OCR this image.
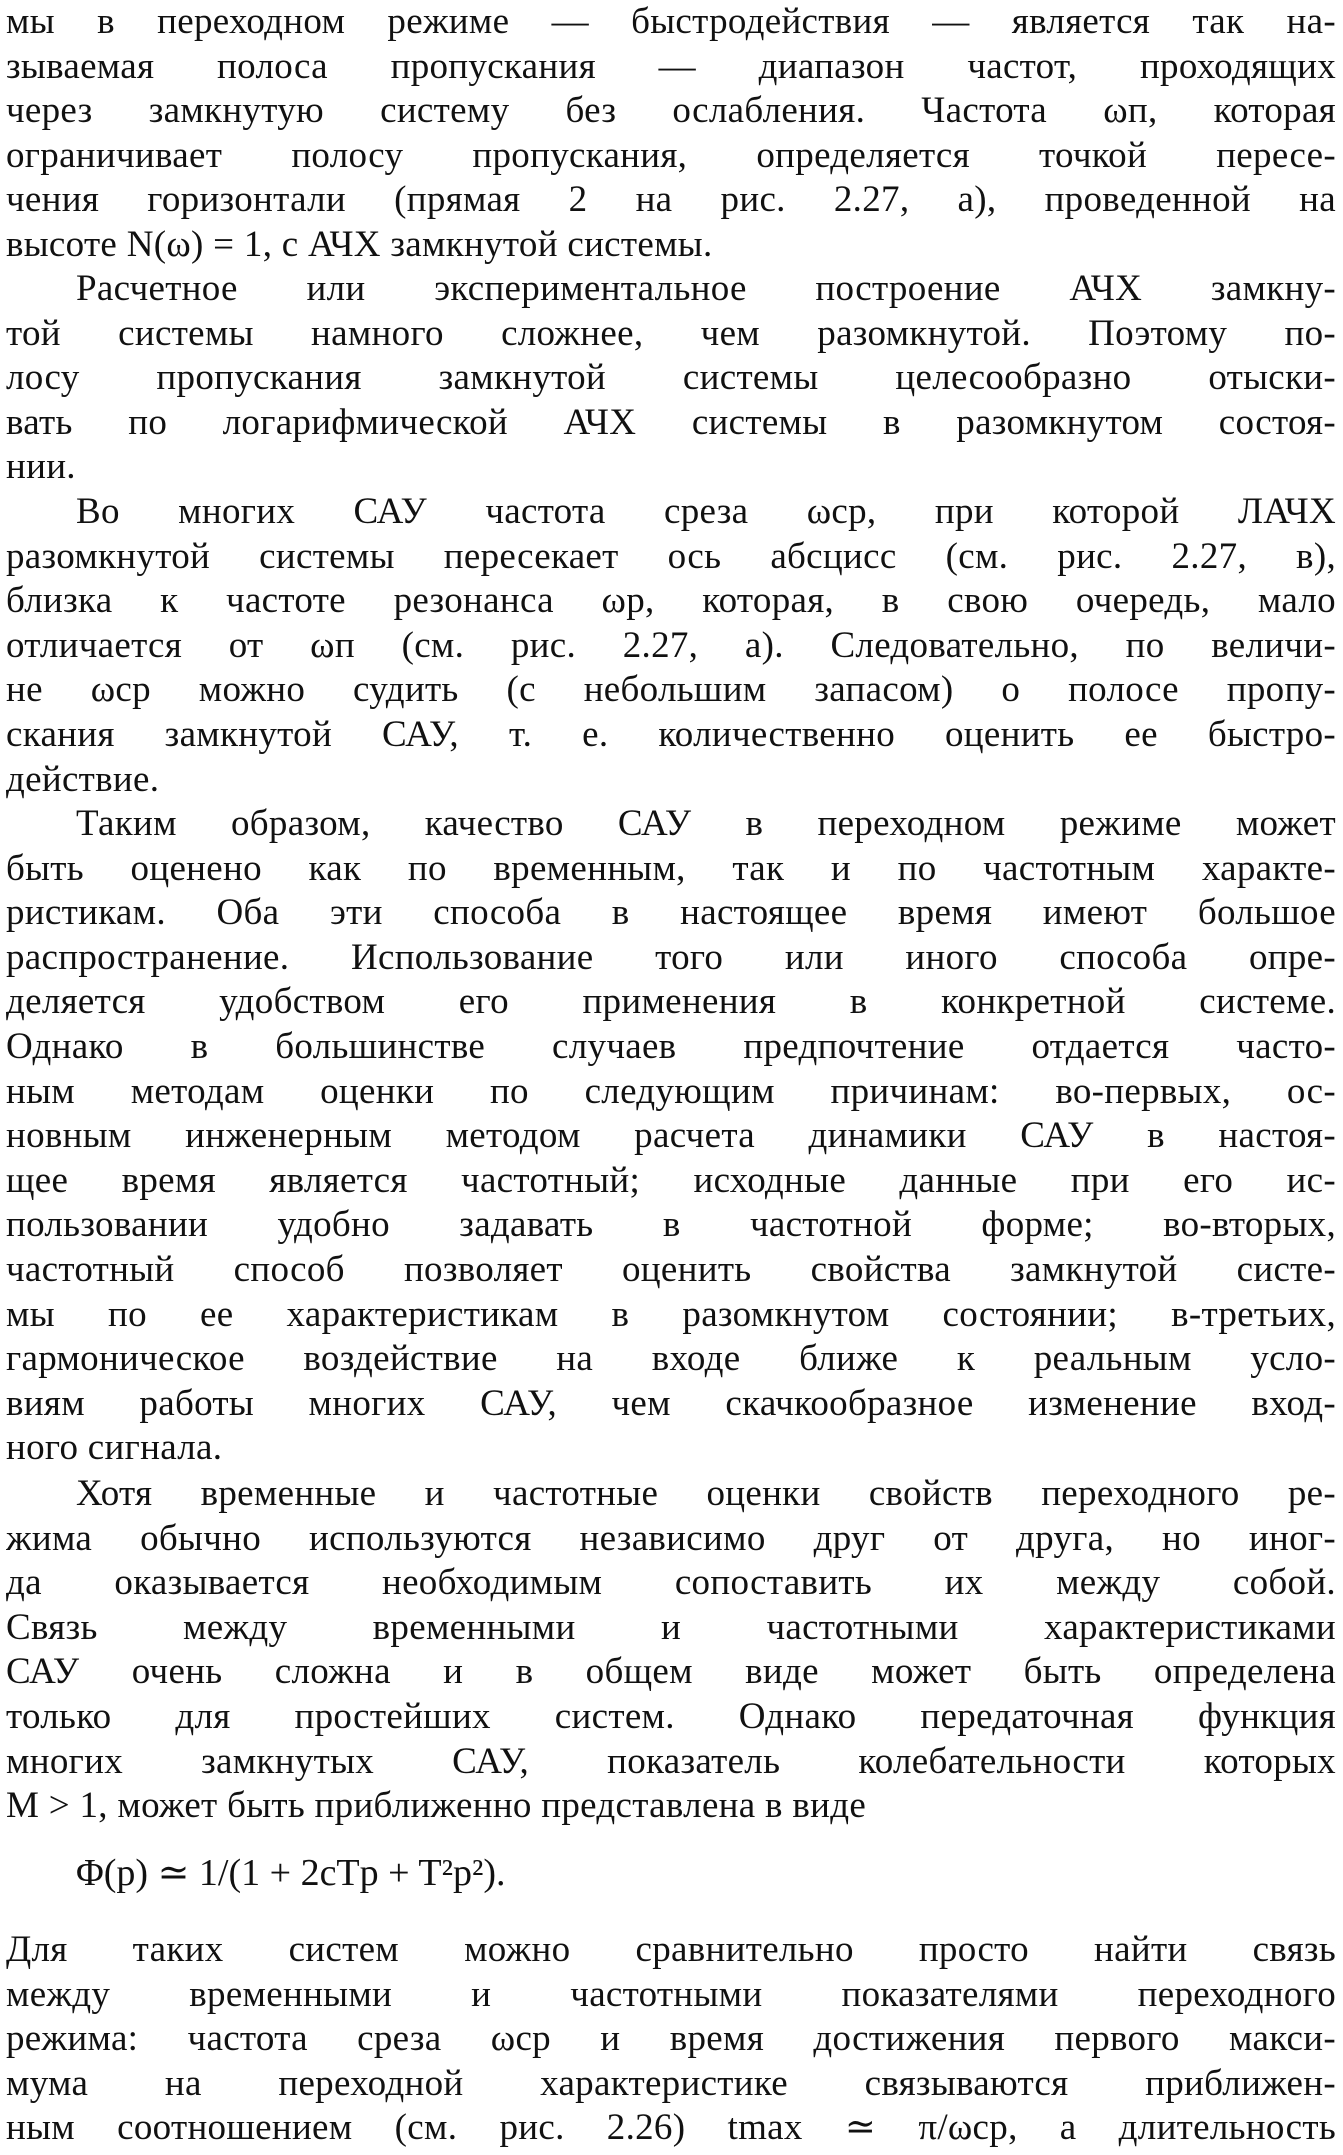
мы в переходном режиме — быстродействия — является так на-
зываемая полоса пропускания — диапазон частот, проходящих
через замкнутую систему без ослабления. Частота ωп, которая
ограничивает полосу пропускания, определяется точкой пересе-
чения горизонтали (прямая 2 на рис. 2.27, а), проведенной на
высоте N(ω) = 1, с АЧХ замкнутой системы.
Расчетное или экспериментальное построение АЧХ замкну-
той системы намного сложнее, чем разомкнутой. Поэтому по-
лосу пропускания замкнутой системы целесообразно отыски-
вать по логарифмической АЧХ системы в разомкнутом состоя-
нии.
Во многих САУ частота среза ωср, при которой ЛАЧХ
разомкнутой системы пересекает ось абсцисс (см. рис. 2.27, в),
близка к частоте резонанса ωр, которая, в свою очередь, мало
отличается от ωп (см. рис. 2.27, а). Следовательно, по величи-
не ωср можно судить (с небольшим запасом) о полосе пропу-
скания замкнутой САУ, т. е. количественно оценить ее быстро-
действие.
Таким образом, качество САУ в переходном режиме может
быть оценено как по временным, так и по частотным характе-
ристикам. Оба эти способа в настоящее время имеют большое
распространение. Использование того или иного способа опре-
деляется удобством его применения в конкретной системе.
Однако в большинстве случаев предпочтение отдается часто-
ным методам оценки по следующим причинам: во-первых, ос-
новным инженерным методом расчета динамики САУ в настоя-
щее время является частотный; исходные данные при его ис-
пользовании удобно задавать в частотной форме; во-вторых,
частотный способ позволяет оценить свойства замкнутой систе-
мы по ее характеристикам в разомкнутом состоянии; в-третьих,
гармоническое воздействие на входе ближе к реальным усло-
виям работы многих САУ, чем скачкообразное изменение вход-
ного сигнала.
Хотя временные и частотные оценки свойств переходного ре-
жима обычно используются независимо друг от друга, но иног-
да оказывается необходимым сопоставить их между собой.
Связь между временными и частотными характеристиками
САУ очень сложна и в общем виде может быть определена
только для простейших систем. Однако передаточная функция
многих замкнутых САУ, показатель колебательности которых
M > 1, может быть приближенно представлена в виде
Φ(p) ≃ 1/(1 + 2cTp + T²p²).
Для таких систем можно сравнительно просто найти связь
между временными и частотными показателями переходного
режима: частота среза ωср и время достижения первого макси-
мума на переходной характеристике связываются приближен-
ным соотношением (см. рис. 2.26) tmax ≃ π/ωср, а длительность
